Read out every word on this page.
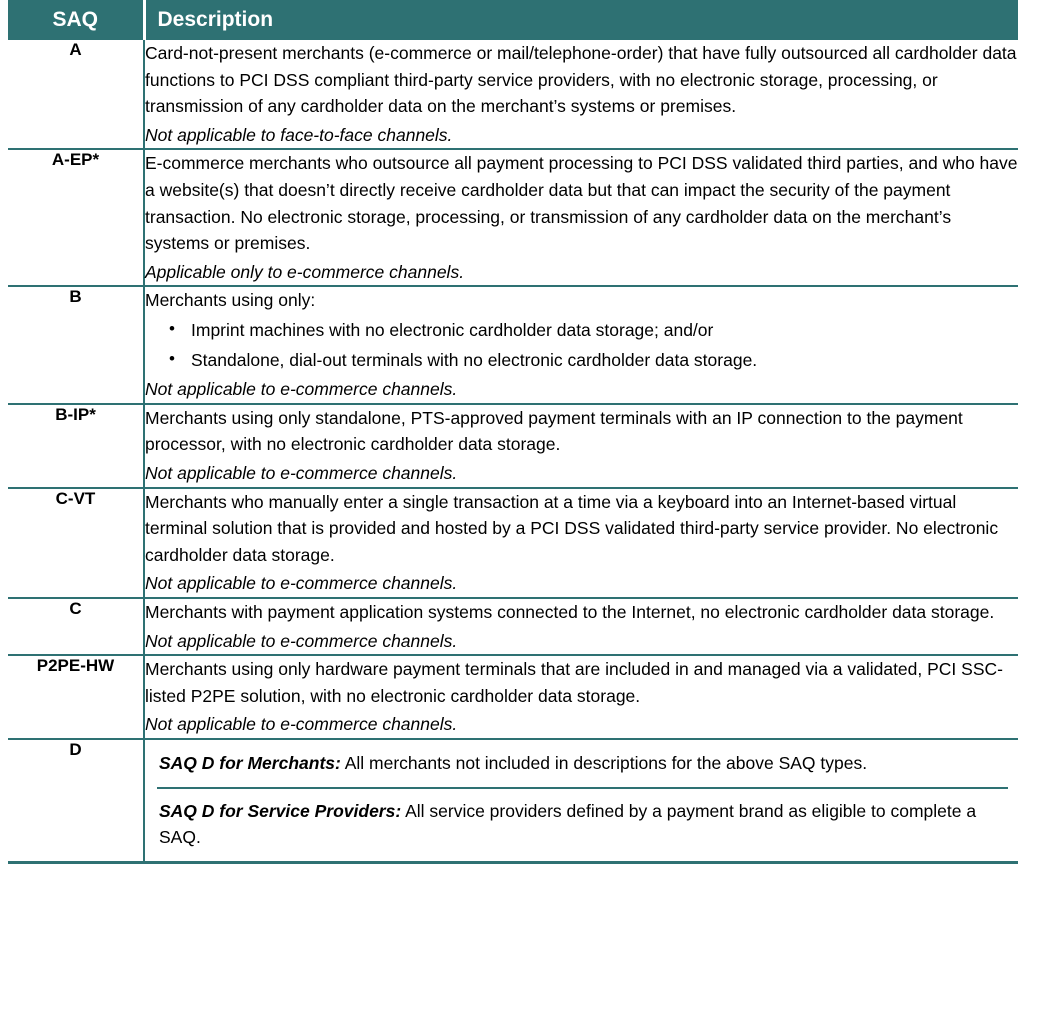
SAQ	Description
A	Card-not-present merchants (e-commerce or mail/telephone-order) that have fully outsourced all cardholder data functions to PCI DSS compliant third-party service providers, with no electronic storage, processing, or transmission of any cardholder data on the merchant’s systems or premises.

Not applicable to face-to-face channels.

A-EP*	E-commerce merchants who outsource all payment processing to PCI DSS validated third parties, and who have a website(s) that doesn’t directly receive cardholder data but that can impact the security of the payment transaction. No electronic storage, processing, or transmission of any cardholder data on the merchant’s systems or premises.

Applicable only to e-commerce channels.

B	Merchants using only:

• Imprint machines with no electronic cardholder data storage; and/or
• Standalone, dial-out terminals with no electronic cardholder data storage.

Not applicable to e-commerce channels.

B-IP*	Merchants using only standalone, PTS-approved payment terminals with an IP connection to the payment processor, with no electronic cardholder data storage.

Not applicable to e-commerce channels.

C-VT	Merchants who manually enter a single transaction at a time via a keyboard into an Internet-based virtual terminal solution that is provided and hosted by a PCI DSS validated third-party service provider. No electronic cardholder data storage.

Not applicable to e-commerce channels.

C	Merchants with payment application systems connected to the Internet, no electronic cardholder data storage.

Not applicable to e-commerce channels.

P2PE-HW	Merchants using only hardware payment terminals that are included in and managed via a validated, PCI SSC-listed P2PE solution, with no electronic cardholder data storage.

Not applicable to e-commerce channels.

D	SAQ D for Merchants: All merchants not included in descriptions for the above SAQ types.
SAQ D for Service Providers: All service providers defined by a payment brand as eligible to complete a SAQ.
